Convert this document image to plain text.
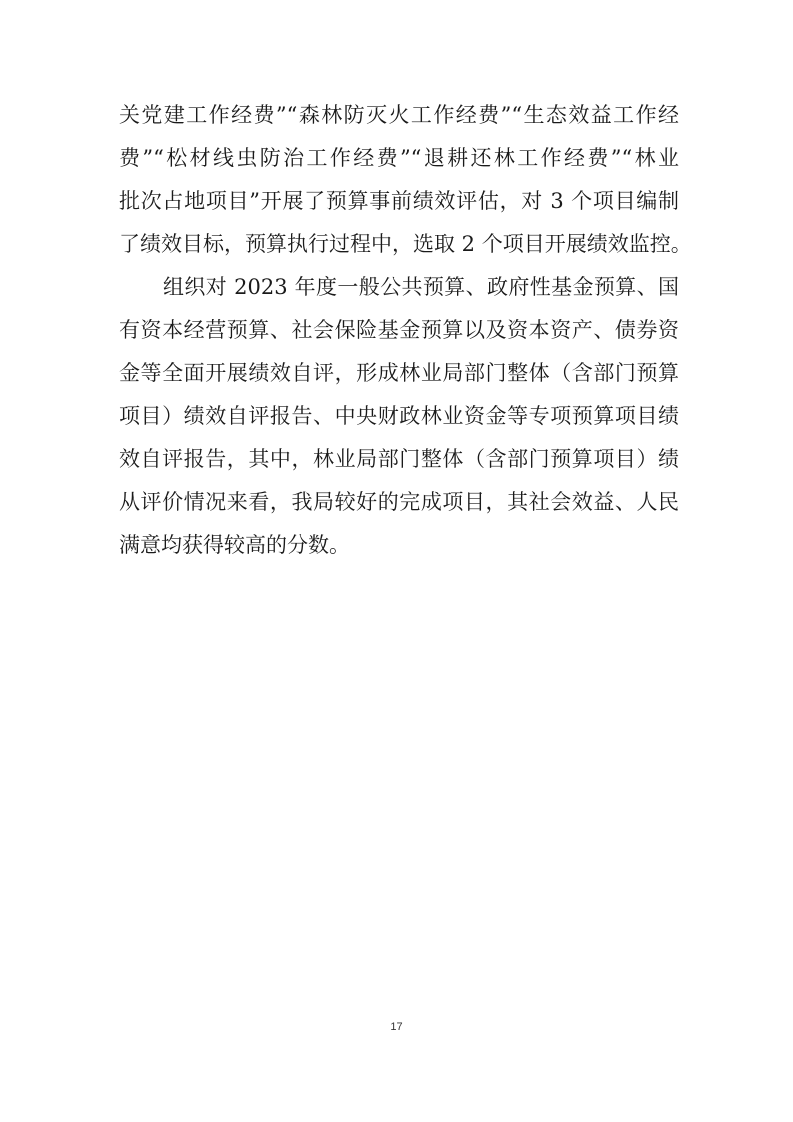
关党建工作经费”“森林防灭火工作经费”“生态效益工作经
费”“松材线虫防治工作经费”“退耕还林工作经费”“林业
批次占地项目”开展了预算事前绩效评估，对 3 个项目编制
了绩效目标，预算执行过程中，选取 2 个项目开展绩效监控。
组织对 2023 年度一般公共预算、政府性基金预算、国
有资本经营预算、社会保险基金预算以及资本资产、债券资
金等全面开展绩效自评，形成林业局部门整体（含部门预算
项目）绩效自评报告、中央财政林业资金等专项预算项目绩
效自评报告，其中，林业局部门整体（含部门预算项目）绩
从评价情况来看，我局较好的完成项目，其社会效益、人民
满意均获得较高的分数。
17
